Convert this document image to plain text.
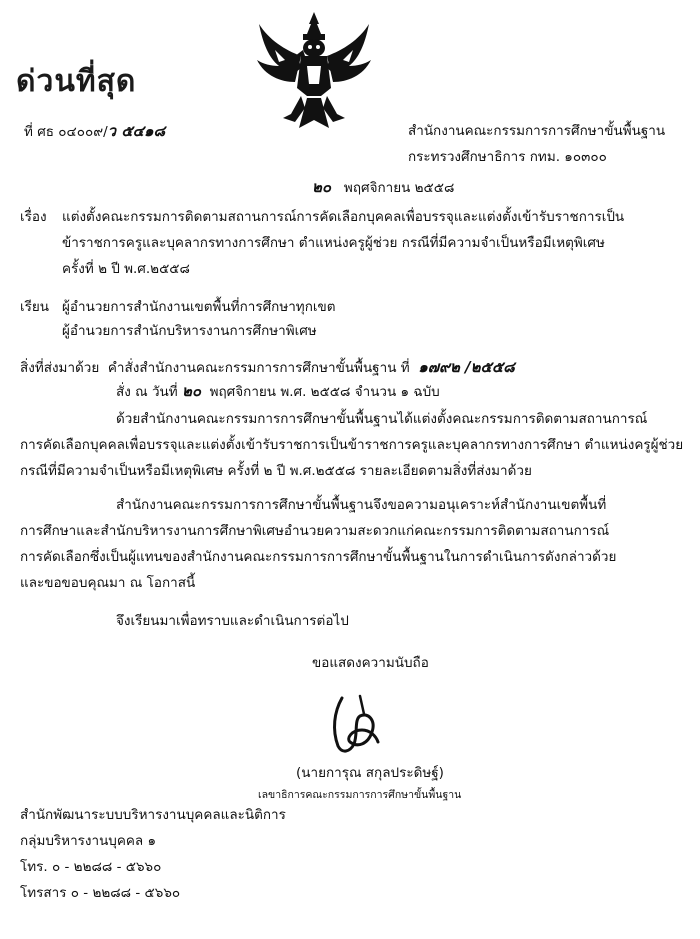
ด่วนที่สุด
ที่ ศธ ๐๔๐๐๙/ว ๕๔๑๘	สำนักงานคณะกรรมการการศึกษาขั้นพื้นฐาน
กระทรวงศึกษาธิการ กทม. ๑๐๓๐๐
๒๐ พฤศจิกายน ๒๕๕๘
เรื่อง แต่งตั้งคณะกรรมการติดตามสถานการณ์การคัดเลือกบุคคลเพื่อบรรจุและแต่งตั้งเข้ารับราชการเป็น
ข้าราชการครูและบุคลากรทางการศึกษา ตำแหน่งครูผู้ช่วย กรณีที่มีความจำเป็นหรือมีเหตุพิเศษ
ครั้งที่ ๒ ปี พ.ศ.๒๕๕๘
เรียน ผู้อำนวยการสำนักงานเขตพื้นที่การศึกษาทุกเขต
ผู้อำนวยการสำนักบริหารงานการศึกษาพิเศษ
สิ่งที่ส่งมาด้วย คำสั่งสำนักงานคณะกรรมการการศึกษาขั้นพื้นฐาน ที่ ๑๗๙๒ /๒๕๕๘
สั่ง ณ วันที่ ๒๐ พฤศจิกายน พ.ศ. ๒๕๕๘ จำนวน ๑ ฉบับ
ด้วยสำนักงานคณะกรรมการการศึกษาขั้นพื้นฐานได้แต่งตั้งคณะกรรมการติดตามสถานการณ์
การคัดเลือกบุคคลเพื่อบรรจุและแต่งตั้งเข้ารับราชการเป็นข้าราชการครูและบุคลากรทางการศึกษา ตำแหน่งครูผู้ช่วย
กรณีที่มีความจำเป็นหรือมีเหตุพิเศษ ครั้งที่ ๒ ปี พ.ศ.๒๕๕๘ รายละเอียดตามสิ่งที่ส่งมาด้วย
สำนักงานคณะกรรมการการศึกษาขั้นพื้นฐานจึงขอความอนุเคราะห์สำนักงานเขตพื้นที่
การศึกษาและสำนักบริหารงานการศึกษาพิเศษอำนวยความสะดวกแก่คณะกรรมการติดตามสถานการณ์
การคัดเลือกซึ่งเป็นผู้แทนของสำนักงานคณะกรรมการการศึกษาขั้นพื้นฐานในการดำเนินการดังกล่าวด้วย
และขอขอบคุณมา ณ โอกาสนี้
จึงเรียนมาเพื่อทราบและดำเนินการต่อไป
ขอแสดงความนับถือ
(นายการุณ สกุลประดิษฐ์)
เลขาธิการคณะกรรมการการศึกษาขั้นพื้นฐาน
สำนักพัฒนาระบบบริหารงานบุคคลและนิติการ
กลุ่มบริหารงานบุคคล ๑
โทร. ๐ - ๒๒๘๘ - ๕๖๖๐
โทรสาร ๐ - ๒๒๘๘ - ๕๖๖๐
